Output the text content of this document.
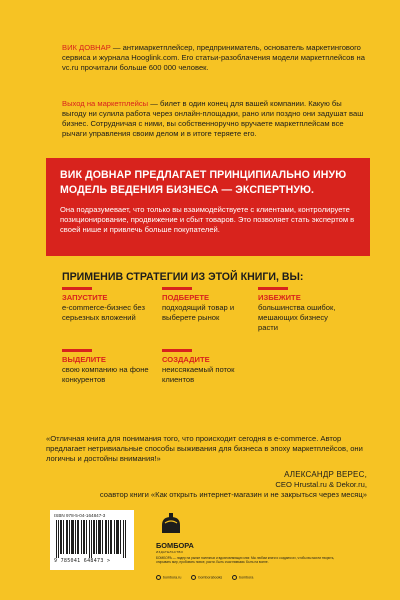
ВИК ДОВНАР — антимаркетплейсер, предприниматель, основатель маркетингового сервиса и журнала Hooglink.com. Его статьи-разоблачения модели маркетплейсов на vc.ru прочитали больше 600 000 человек.
Выход на маркетплейсы — билет в один конец для вашей компании. Какую бы выгоду ни сулила работа через онлайн-площадки, рано или поздно они задушат ваш бизнес. Сотрудничая с ними, вы собственноручно вручаете маркетплейсам все рычаги управления своим делом и в итоге теряете его.
ВИК ДОВНАР ПРЕДЛАГАЕТ ПРИНЦИПИАЛЬНО ИНУЮ МОДЕЛЬ ВЕДЕНИЯ БИЗНЕСА — ЭКСПЕРТНУЮ.
Она подразумевает, что только вы взаимодействуете с клиентами, контролируете позиционирование, продвижение и сбыт товаров. Это позволяет стать экспертом в своей нише и привлечь больше покупателей.
ПРИМЕНИВ СТРАТЕГИИ ИЗ ЭТОЙ КНИГИ, ВЫ:
ЗАПУСТИТЕ
e-commerce-бизнес без серьезных вложений
ВЫДЕЛИТЕ
свою компанию на фоне конкурентов
ПОДБЕРЕТЕ
подходящий товар и выберете рынок
СОЗДАДИТЕ
неиссякаемый поток клиентов
ИЗБЕЖИТЕ
большинства ошибок, мешающих бизнесу расти
«Отличная книга для понимания того, что происходит сегодня в e-commerce. Автор предлагает нетривиальные способы выживания для бизнеса в эпоху маркетплейсов, они логичны и достойны внимания!»
АЛЕКСАНДР ВЕРЕС,
CEO Hrustal.ru & Dekor.ru,
соавтор книги «Как открыть интернет-магазин и не закрыться через месяц»
ISBN 978-5-04-164847-3
9 785041 648473 >
БОМБОРА
ИЗДАТЕЛЬСТВО
БОМБОРА — лидер на рынке полезных и вдохновляющих книг. Мы любим книги и создаем их, чтобы вы могли творить, открывать мир, пробовать новое, расти. Быть счастливыми. Быть на волне.
bombora.ru	bomborabooks	bombora
